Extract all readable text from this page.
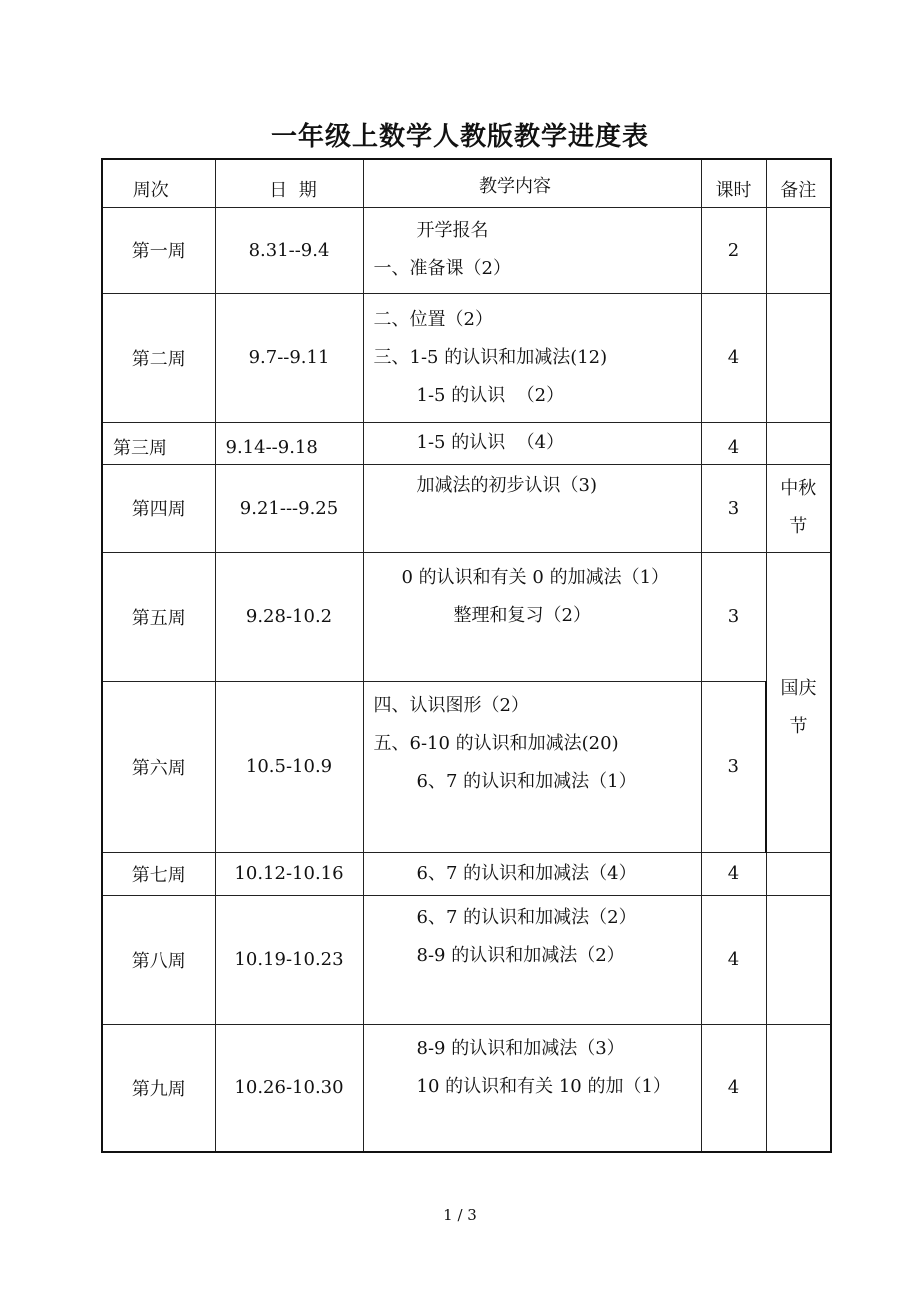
一年级上数学人教版教学进度表
周次	日  期	教学内容	课时	备注
第一周	8.31--9.4	开学报名
一、准备课（2）	2	
第二周	9.7--9.11	二、位置（2）
三、1-5 的认识和加减法(12)
1-5 的认识  （2）	4	
第三周	9.14--9.18	1-5 的认识  （4）	4	
第四周	9.21---9.25	加减法的初步认识（3)	3	中秋
节

第五周	9.28-10.2	0 的认识和有关 0 的加减法（1）
整理和复习（2）	3	国庆
节

第六周	10.5-10.9	四、认识图形（2）
五、6-10 的认识和加减法(20)
6、7 的认识和加减法（1）	3	
第七周	10.12-10.16	6、7 的认识和加减法（4）	4	
第八周	10.19-10.23	6、7 的认识和加减法（2）
8-9 的认识和加减法（2）	4	
第九周	10.26-10.30	8-9 的认识和加减法（3）
10 的认识和有关 10 的加（1）	4	
1 / 3
